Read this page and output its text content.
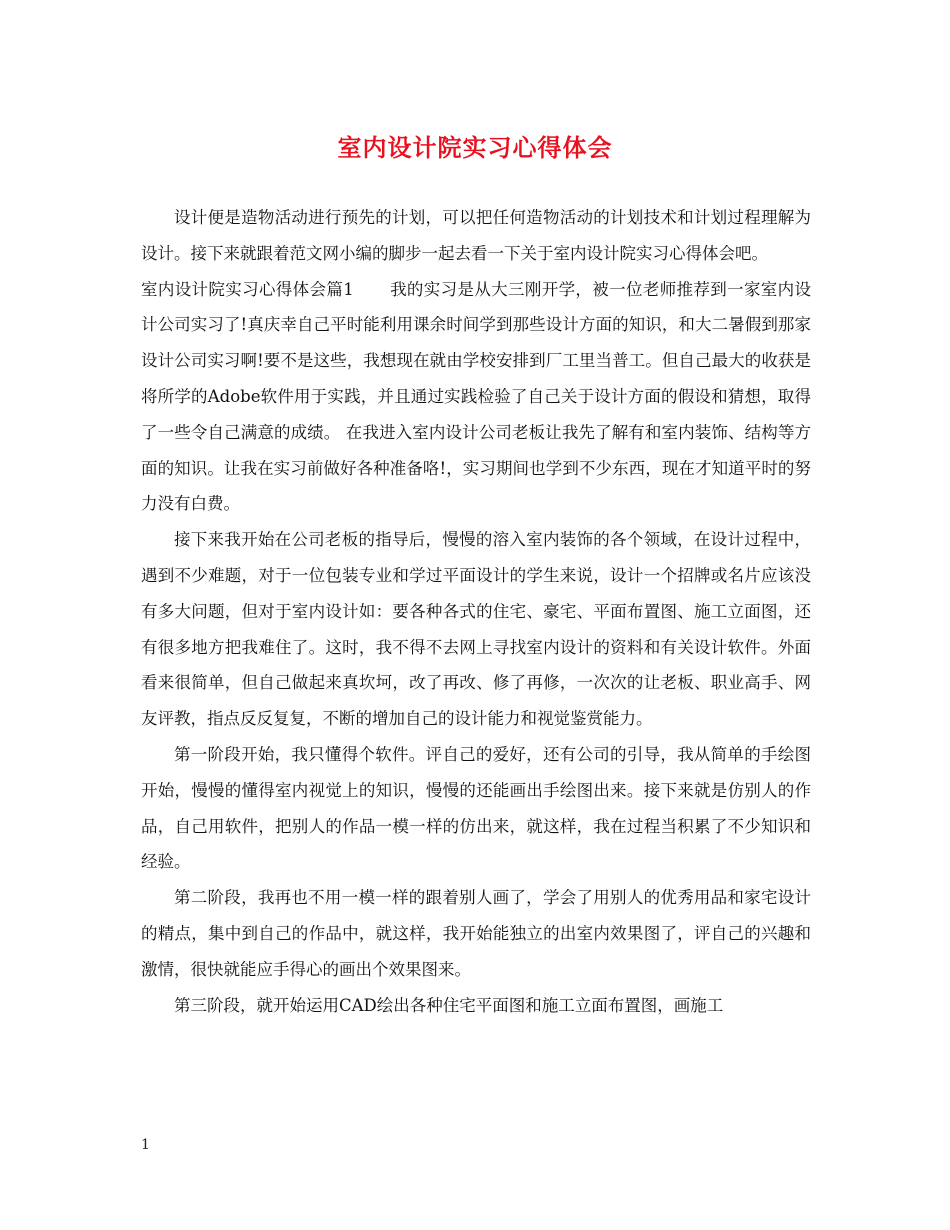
室内设计院实习心得体会

设计便是造物活动进行预先的计划，可以把任何造物活动的计划技术和计划过程理解为设计。接下来就跟着范文网小编的脚步一起去看一下关于室内设计院实习心得体会吧。

室内设计院实习心得体会篇1 我的实习是从大三刚开学，被一位老师推荐到一家室内设计公司实习了!真庆幸自己平时能利用课余时间学到那些设计方面的知识，和大二暑假到那家设计公司实习啊!要不是这些，我想现在就由学校安排到厂工里当普工。但自己最大的收获是将所学的Adobe软件用于实践，并且通过实践检验了自己关于设计方面的假设和猜想，取得了一些令自己满意的成绩。 在我进入室内设计公司老板让我先了解有和室内装饰、结构等方面的知识。让我在实习前做好各种准备咯!，实习期间也学到不少东西，现在才知道平时的努力没有白费。

接下来我开始在公司老板的指导后，慢慢的溶入室内装饰的各个领域，在设计过程中，遇到不少难题，对于一位包装专业和学过平面设计的学生来说，设计一个招牌或名片应该没有多大问题，但对于室内设计如：要各种各式的住宅、豪宅、平面布置图、施工立面图，还有很多地方把我难住了。这时，我不得不去网上寻找室内设计的资料和有关设计软件。外面看来很简单，但自己做起来真坎坷，改了再改、修了再修，一次次的让老板、职业高手、网友评教，指点反反复复，不断的增加自己的设计能力和视觉鉴赏能力。

第一阶段开始，我只懂得个软件。评自己的爱好，还有公司的引导，我从简单的手绘图开始，慢慢的懂得室内视觉上的知识，慢慢的还能画出手绘图出来。接下来就是仿别人的作品，自己用软件，把别人的作品一模一样的仿出来，就这样，我在过程当积累了不少知识和经验。

第二阶段，我再也不用一模一样的跟着别人画了，学会了用别人的优秀用品和家宅设计的精点，集中到自己的作品中，就这样，我开始能独立的出室内效果图了，评自己的兴趣和激情，很快就能应手得心的画出个效果图来。

第三阶段，就开始运用CAD绘出各种住宅平面图和施工立面布置图，画施工

1
